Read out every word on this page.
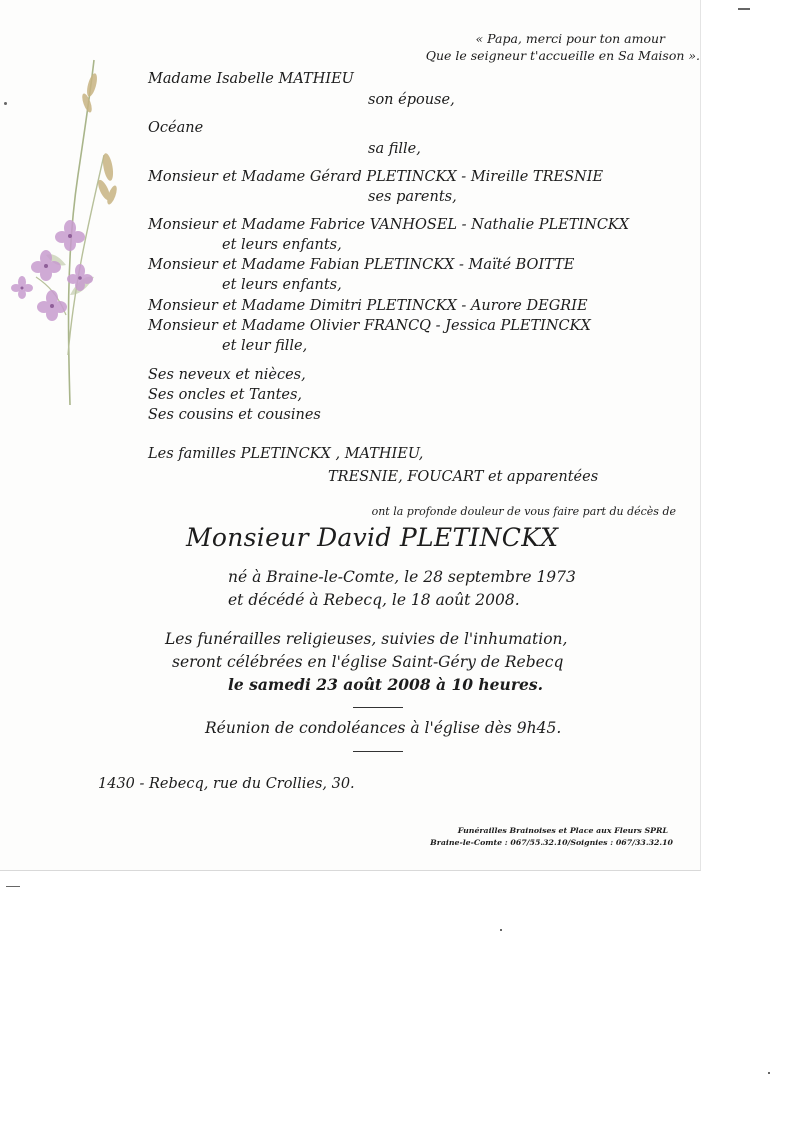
« Papa, merci pour ton amour
Que le seigneur t'accueille en Sa Maison ».
Madame Isabelle MATHIEU
son épouse,
Océane
sa fille,
Monsieur et Madame Gérard PLETINCKX - Mireille TRESNIE
ses parents,
Monsieur et Madame Fabrice VANHOSEL - Nathalie PLETINCKX
et leurs enfants,
Monsieur et Madame Fabian PLETINCKX - Maïté BOITTE
et leurs enfants,
Monsieur et Madame Dimitri PLETINCKX - Aurore DEGRIE
Monsieur et Madame Olivier FRANCQ - Jessica PLETINCKX
et leur fille,
Ses neveux et nièces,
Ses oncles et Tantes,
Ses cousins et cousines
Les familles PLETINCKX , MATHIEU,
TRESNIE, FOUCART et apparentées
ont la profonde douleur de vous faire part du décès de
Monsieur David PLETINCKX
né à Braine-le-Comte, le 28 septembre 1973
et décédé à Rebecq, le 18 août 2008.
Les funérailles religieuses, suivies de l'inhumation,
seront célébrées en l'église Saint-Géry de Rebecq
le samedi 23 août 2008 à 10 heures.
Réunion de condoléances à l'église dès 9h45.
1430 - Rebecq, rue du Crollies, 30.
Funérailles Brainoises et Place aux Fleurs SPRL
Braine-le-Comte : 067/55.32.10/Soignies : 067/33.32.10
